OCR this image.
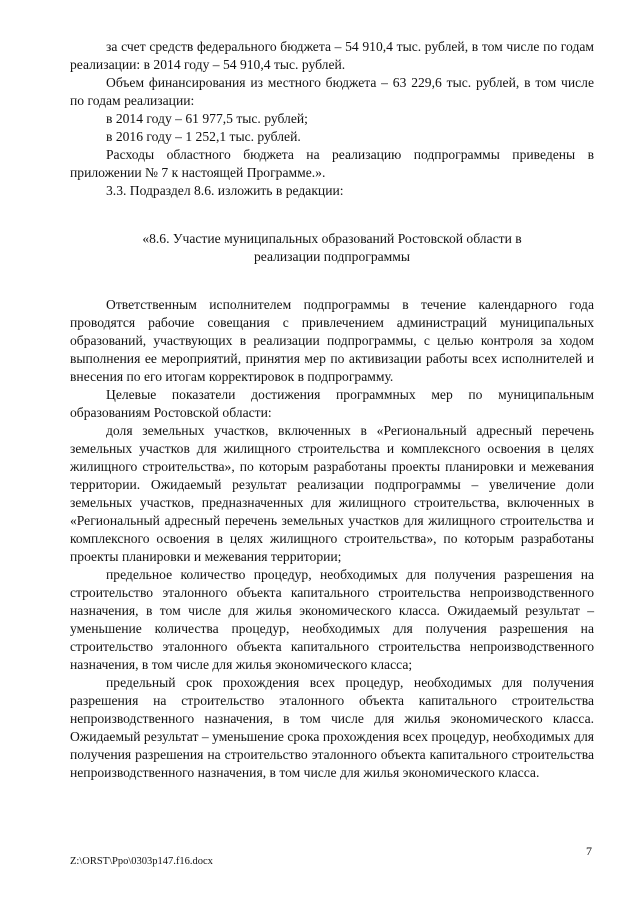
за счет средств федерального бюджета – 54 910,4 тыс. рублей, в том числе по годам реализации: в 2014 году – 54 910,4 тыс. рублей.

Объем финансирования из местного бюджета – 63 229,6 тыс. рублей, в том числе по годам реализации:

в 2014 году – 61 977,5 тыс. рублей;

в 2016 году – 1 252,1 тыс. рублей.

Расходы областного бюджета на реализацию подпрограммы приведены в приложении № 7 к настоящей Программе.».

3.3. Подраздел 8.6. изложить в редакции:

«8.6. Участие муниципальных образований Ростовской области в реализации подпрограммы

Ответственным исполнителем подпрограммы в течение календарного года проводятся рабочие совещания с привлечением администраций муниципальных образований, участвующих в реализации подпрограммы, с целью контроля за ходом выполнения ее мероприятий, принятия мер по активизации работы всех исполнителей и внесения по его итогам корректировок в подпрограмму.

Целевые показатели достижения программных мер по муниципальным образованиям Ростовской области:

доля земельных участков, включенных в «Региональный адресный перечень земельных участков для жилищного строительства и комплексного освоения в целях жилищного строительства», по которым разработаны проекты планировки и межевания территории. Ожидаемый результат реализации подпрограммы – увеличение доли земельных участков, предназначенных для жилищного строительства, включенных в «Региональный адресный перечень земельных участков для жилищного строительства и комплексного освоения в целях жилищного строительства», по которым разработаны проекты планировки и межевания территории;

предельное количество процедур, необходимых для получения разрешения на строительство эталонного объекта капитального строительства непроизводственного назначения, в том числе для жилья экономического класса. Ожидаемый результат – уменьшение количества процедур, необходимых для получения разрешения на строительство эталонного объекта капитального строительства непроизводственного назначения, в том числе для жилья экономического класса;

предельный срок прохождения всех процедур, необходимых для получения разрешения на строительство эталонного объекта капитального строительства непроизводственного назначения, в том числе для жилья экономического класса. Ожидаемый результат – уменьшение срока прохождения всех процедур, необходимых для получения разрешения на строительство эталонного объекта капитального строительства непроизводственного назначения, в том числе для жилья экономического класса.

7
Z:\ORST\Ppo\0303p147.f16.docx
